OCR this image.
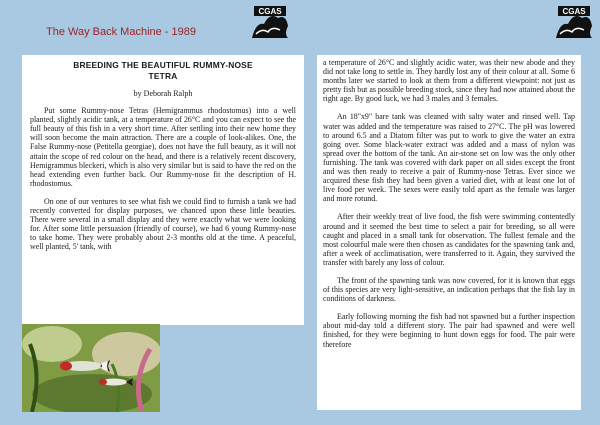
The Way Back Machine - 1989
CGAS	CGAS
BREEDING THE BEAUTIFUL RUMMY-NOSE
TETRA
by Deborah Ralph

Put some Rummy-nose Tetras (Hemigrammus rhodostomus) into a well planted, slightly acidic tank, at a temperature of 26°C and you can expect to see the full beauty of this fish in a very short time. After settling into their new home they will soon become the main attraction. There are a couple of look-alikes. One, the False Rummy-nose (Petitella georgiae), does not have the full beauty, as it will not attain the scope of red colour on the head, and there is a relatively recent discovery, Hemigrammus bleckeri, which is also very similar but is said to have the red on the head extending even further back. Our Rummy-nose fit the description of H. rhodostomus.

On one of our ventures to see what fish we could find to furnish a tank we had recently converted for display purposes, we chanced upon these little beauties. There were several in a small display and they were exactly what we were looking for. After some little persuasion (friendly of course), we had 6 young Rummy-nose to take home. They were probably about 2-3 months old at the time. A peaceful, well planted, 5' tank, with

a temperature of 26°C and slightly acidic water, was their new abode and they did not take long to settle in. They hardly lost any of their colour at all. Some 6 months later we started to look at them from a different viewpoint: not just as pretty fish but as possible breeding stock, since they had now attained about the right age. By good luck, we had 3 males and 3 females.

An 18"x9" bare tank was cleaned with salty water and rinsed well. Tap water was added and the temperature was raised to 27°C. The pH was lowered to around 6.5 and a Diatom filter was put to work to give the water an extra going over. Some black-water extract was added and a mass of nylon was spread over the bottom of the tank. An air-stone set on low was the only other furnishing. The tank was covered with dark paper on all sides except the front and was then ready to receive a pair of Rummy-nose Tetras. Ever since we acquired these fish they had been given a varied diet, with at least one lot of live food per week. The sexes were easily told apart as the female was larger and more rotund.

After their weekly treat of live food, the fish were swimming contentedly around and it seemed the best time to select a pair for breeding, so all were caught and placed in a small tank for observation. The fullest female and the most colourful male were then chosen as candidates for the spawning tank and, after a week of acclimatisation, were transferred to it. Again, they survived the transfer with barely any loss of colour.

The front of the spawning tank was now covered, for it is known that eggs of this species are very light-sensitive, an indication perhaps that the fish lay in conditions of darkness.

Early following morning the fish had not spawned but a further inspection about mid-day told a different story. The pair had spawned and were well finished, for they were beginning to hunt down eggs for food. The pair were therefore
